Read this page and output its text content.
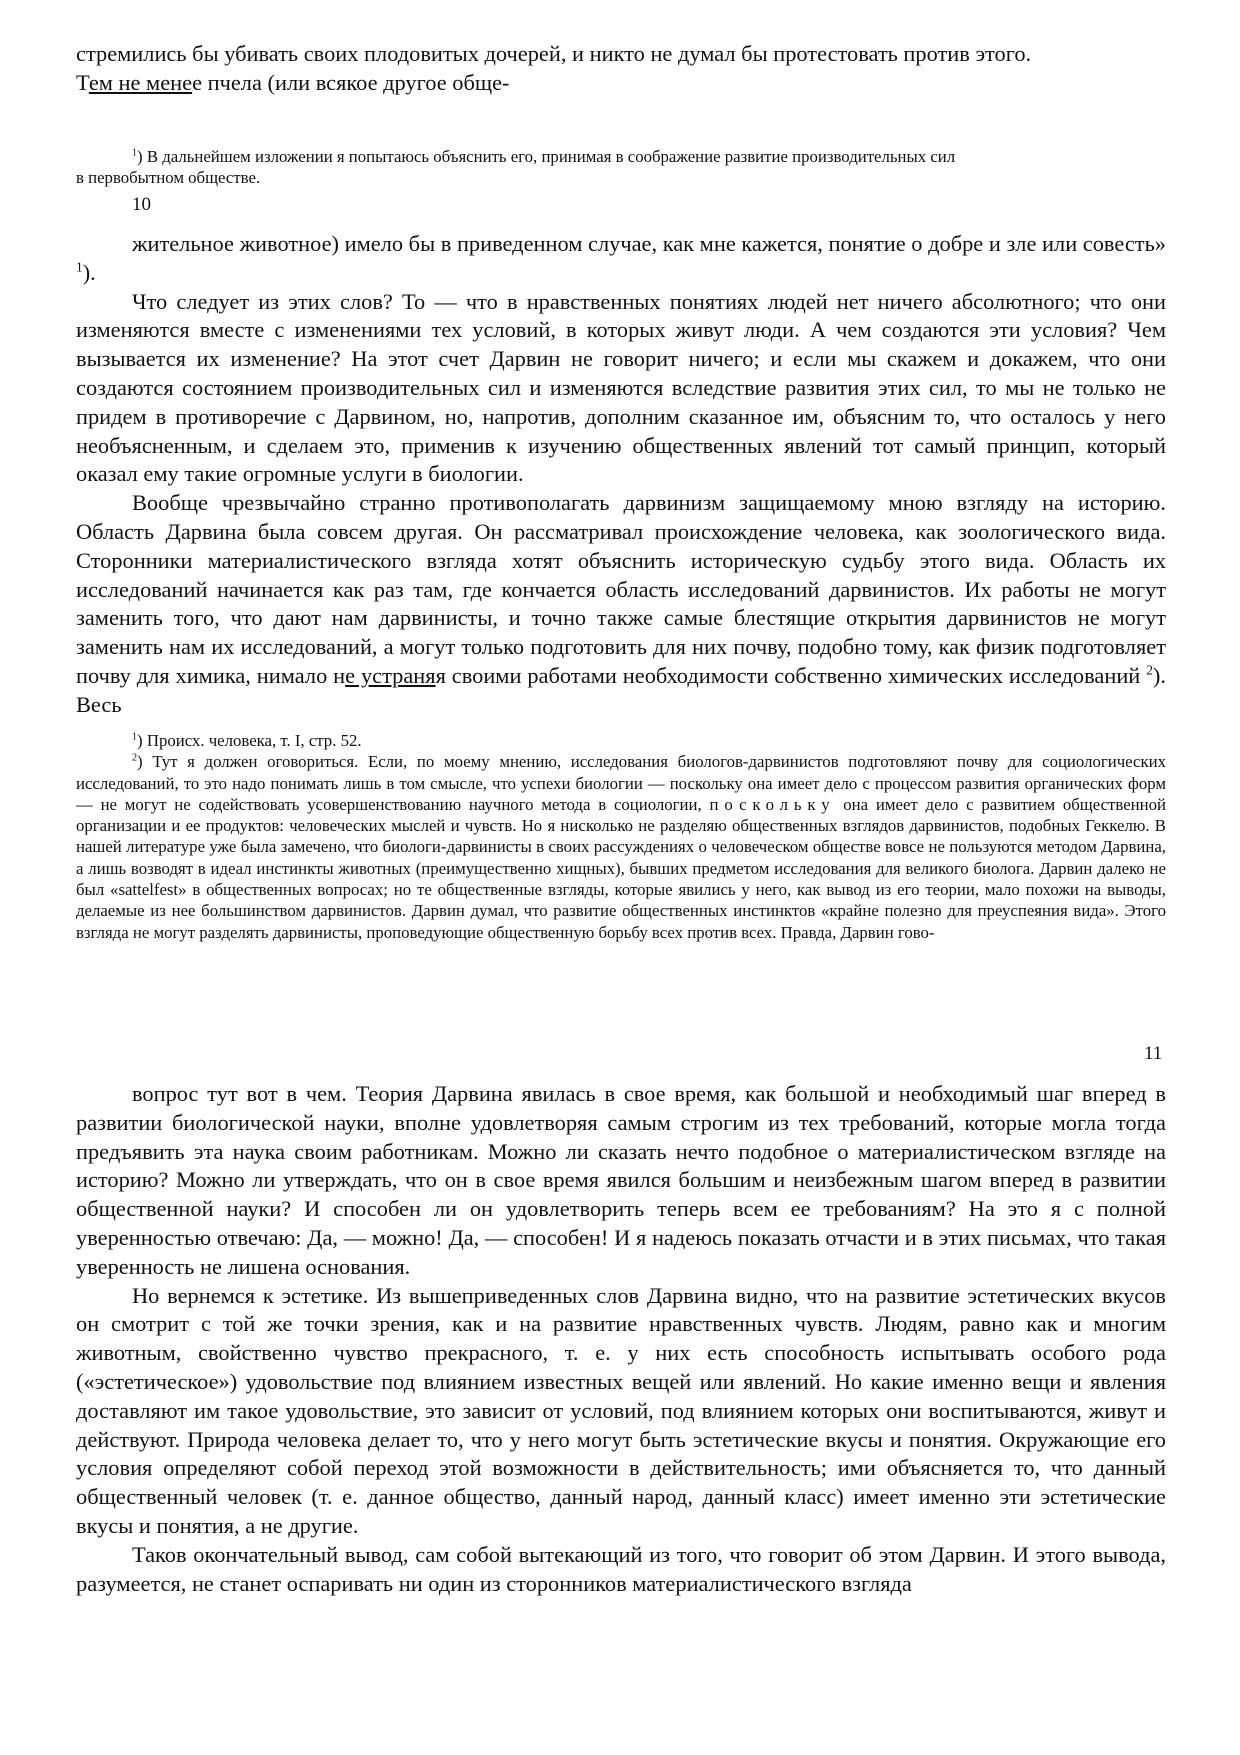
стремились бы убивать своих плодовитых дочерей, и никто не думал бы протестовать против этого.
Тем не менее пчела (или всякое другое обще-

$^1$) В дальнейшем изложении я попытаюсь объяснить его, принимая в соображение развитие производительных сил

в первобытном обществе.

10

жительное животное) имело бы в приведенном случае, как мне кажется, понятие о добре и зле или совесть» $^1$).

Что следует из этих слов? То — что в нравственных понятиях людей нет ничего абсолютного; что они изменяются вместе с изменениями тех условий, в которых живут люди. А чем создаются эти условия? Чем вызывается их изменение? На этот счет Дарвин не говорит ничего; и если мы скажем и докажем, что они создаются состоянием производительных сил и изменяются вследствие развития этих сил, то мы не только не придем в противоречие с Дарвином, но, напротив, дополним сказанное им, объясним то, что осталось у него необъясненным, и сделаем это, применив к изучению общественных явлений тот самый принцип, который оказал ему такие огромные услуги в биологии.

Вообще чрезвычайно странно противополагать дарвинизм защищаемому мною взгляду на историю. Область Дарвина была совсем другая. Он рассматривал происхождение человека, как зоологического вида. Сторонники материалистического взгляда хотят объяснить историческую судьбу этого вида. Область их исследований начинается как раз там, где кончается область исследований дарвинистов. Их работы не могут заменить того, что дают нам дарвинисты, и точно также самые блестящие открытия дарвинистов не могут заменить нам их исследований, а могут только подготовить для них почву, подобно тому, как физик подготовляет почву для химика, нимало не устраняя своими работами необходимости собственно химических исследований $^2$). Весь

$^1$) Происх. человека, т. I, стр. 52.

$^2$) Тут я должен оговориться. Если, по моему мнению, исследования биологов-дарвинистов подготовляют почву для социологических исследований, то это надо понимать лишь в том смысле, что успехи биологии — поскольку она имеет дело с процессом развития органических форм — не могут не содействовать усовершенствованию научного метода в социологии, поскольку она имеет дело с развитием общественной организации и ее продуктов: человеческих мыслей и чувств. Но я нисколько не разделяю общественных взглядов дарвинистов, подобных Геккелю. В нашей литературе уже была замечено, что биологи-дарвинисты в своих рассуждениях о человеческом обществе вовсе не пользуются методом Дарвина, а лишь возводят в идеал инстинкты животных (преимущественно хищных), бывших предметом исследования для великого биолога. Дарвин далеко не был «sattelfest» в общественных вопросах; но те общественные взгляды, которые явились у него, как вывод из его теории, мало похожи на выводы, делаемые из нее большинством дарвинистов. Дарвин думал, что развитие общественных инстинктов «крайне полезно для преуспеяния вида». Этого взгляда не могут разделять дарвинисты, проповедующие общественную борьбу всех против всех. Правда, Дарвин гово-

11

вопрос тут вот в чем. Теория Дарвина явилась в свое время, как большой и необходимый шаг вперед в развитии биологической науки, вполне удовлетворяя самым строгим из тех требований, которые могла тогда предъявить эта наука своим работникам. Можно ли сказать нечто подобное о материалистическом взгляде на историю? Можно ли утверждать, что он в свое время явился большим и неизбежным шагом вперед в развитии общественной науки? И способен ли он удовлетворить теперь всем ее требованиям? На это я с полной уверенностью отвечаю: Да, — можно! Да, — способен! И я надеюсь показать отчасти и в этих письмах, что такая уверенность не лишена основания.

Но вернемся к эстетике. Из вышеприведенных слов Дарвина видно, что на развитие эстетических вкусов он смотрит с той же точки зрения, как и на развитие нравственных чувств. Людям, равно как и многим животным, свойственно чувство прекрасного, т. е. у них есть способность испытывать особого рода («эстетическое») удовольствие под влиянием известных вещей или явлений. Но какие именно вещи и явления доставляют им такое удовольствие, это зависит от условий, под влиянием которых они воспитываются, живут и действуют. Природа человека делает то, что у него могут быть эстетические вкусы и понятия. Окружающие его условия определяют собой переход этой возможности в действительность; ими объясняется то, что данный общественный человек (т. е. данное общество, данный народ, данный класс) имеет именно эти эстетические вкусы и понятия, а не другие.

Таков окончательный вывод, сам собой вытекающий из того, что говорит об этом Дарвин. И этого вывода, разумеется, не станет оспаривать ни один из сторонников материалистического взгляда
